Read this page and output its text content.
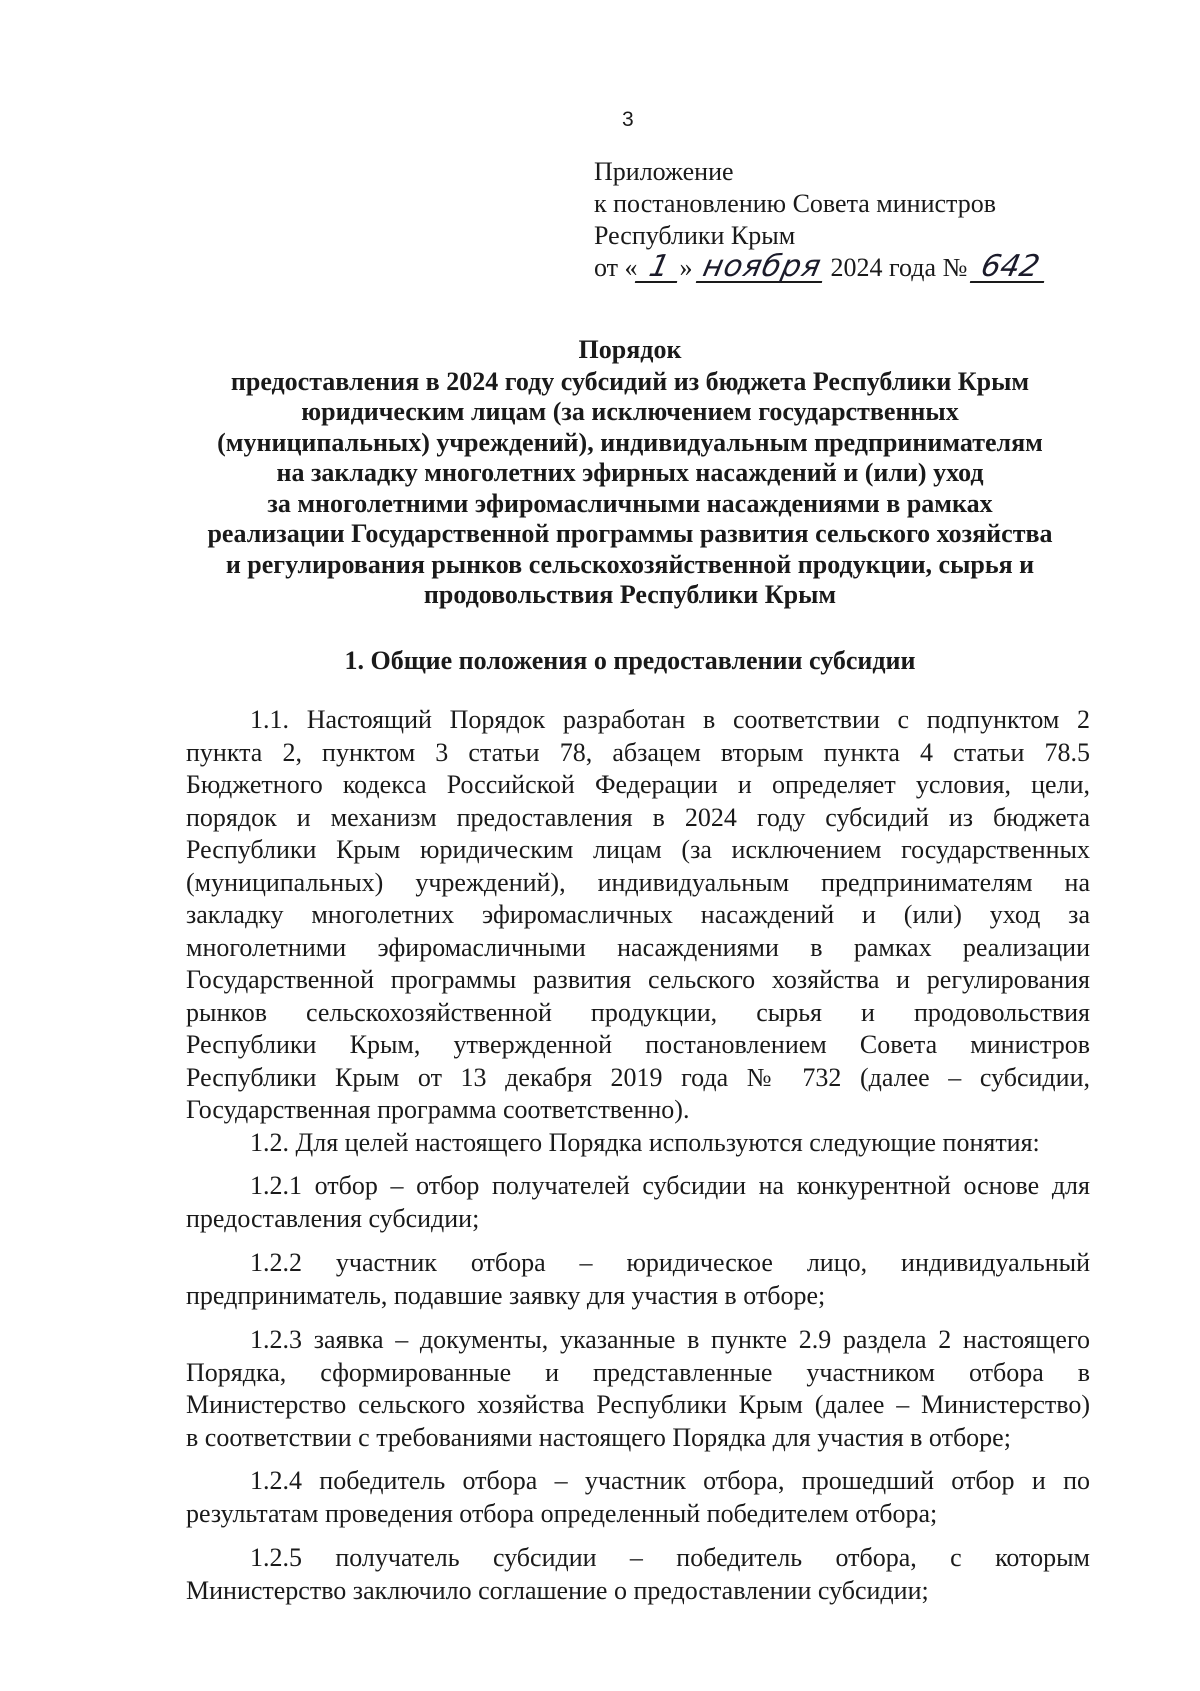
3
Приложение
к постановлению Совета министров
Республики Крым
от « 1 » ноября 2024 года № 642
Порядок
предоставления в 2024 году субсидий из бюджета Республики Крым
юридическим лицам (за исключением государственных
(муниципальных) учреждений), индивидуальным предпринимателям
на закладку многолетних эфирных насаждений и (или) уход
за многолетними эфиромасличными насаждениями в рамках
реализации Государственной программы развития сельского хозяйства
и регулирования рынков сельскохозяйственной продукции, сырья и
продовольствия Республики Крым
1. Общие положения о предоставлении субсидии
1.1. Настоящий Порядок разработан в соответствии с подпунктом 2
пункта 2, пунктом 3 статьи 78, абзацем вторым пункта 4 статьи 78.5
Бюджетного кодекса Российской Федерации и определяет условия, цели,
порядок и механизм предоставления в 2024 году субсидий из бюджета
Республики Крым юридическим лицам (за исключением государственных
(муниципальных) учреждений), индивидуальным предпринимателям на
закладку многолетних эфиромасличных насаждений и (или) уход за
многолетними эфиромасличными насаждениями в рамках реализации
Государственной программы развития сельского хозяйства и регулирования
рынков сельскохозяйственной продукции, сырья и продовольствия
Республики Крым, утвержденной постановлением Совета министров
Республики Крым от 13 декабря 2019 года № 732 (далее – субсидии,
Государственная программа соответственно).
1.2. Для целей настоящего Порядка используются следующие понятия:
1.2.1 отбор – отбор получателей субсидии на конкурентной основе для
предоставления субсидии;
1.2.2 участник отбора – юридическое лицо, индивидуальный
предприниматель, подавшие заявку для участия в отборе;
1.2.3 заявка – документы, указанные в пункте 2.9 раздела 2 настоящего
Порядка, сформированные и представленные участником отбора в
Министерство сельского хозяйства Республики Крым (далее – Министерство)
в соответствии с требованиями настоящего Порядка для участия в отборе;
1.2.4 победитель отбора – участник отбора, прошедший отбор и по
результатам проведения отбора определенный победителем отбора;
1.2.5 получатель субсидии – победитель отбора, с которым
Министерство заключило соглашение о предоставлении субсидии;
